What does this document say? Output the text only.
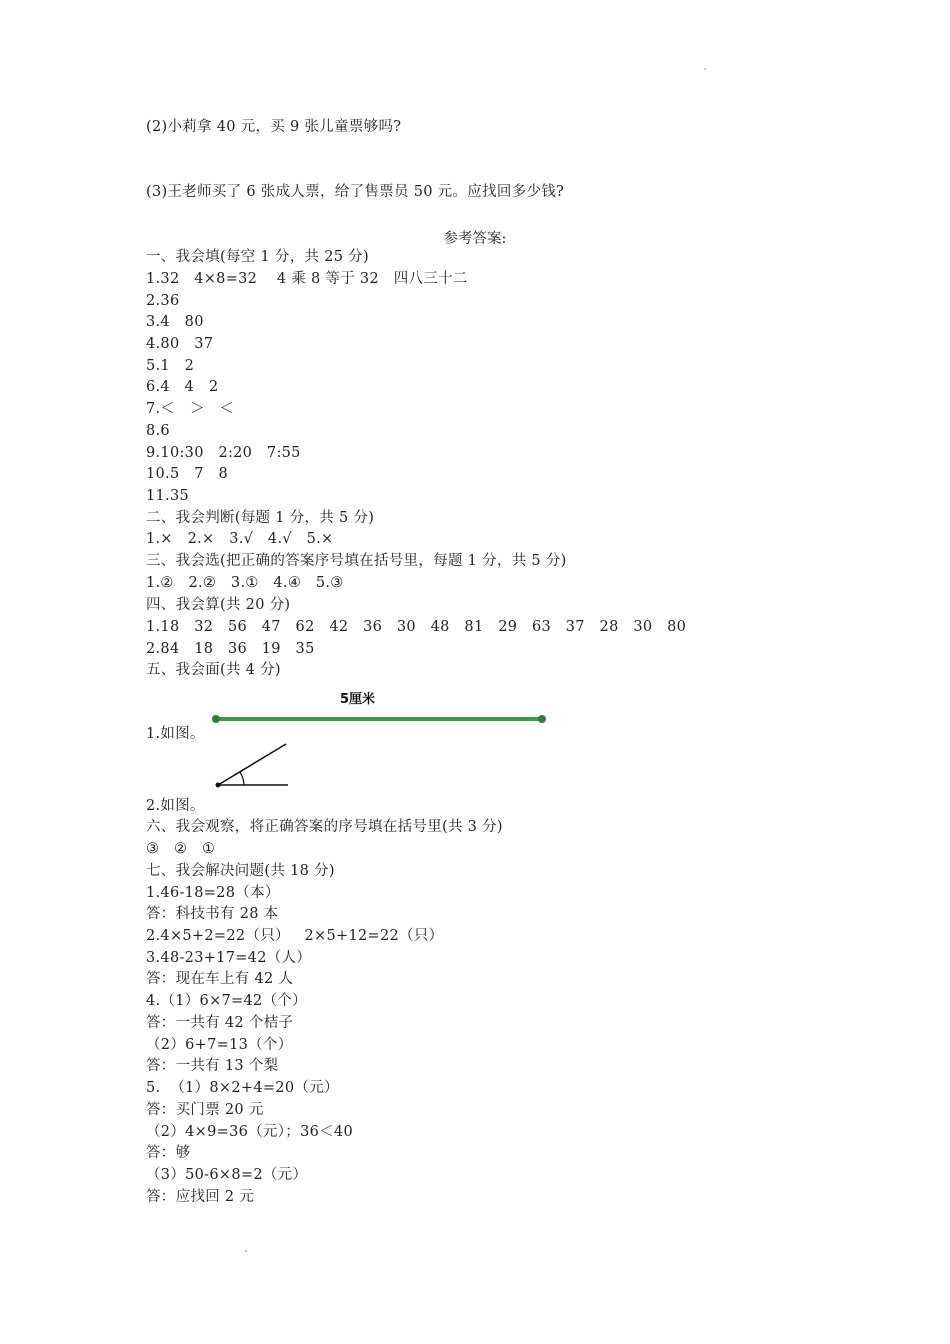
(2)小莉拿 40 元，买 9 张儿童票够吗?
(3)王老师买了 6 张成人票，给了售票员 50 元。应找回多少钱?
参考答案:
一、我会填(每空 1 分，共 25 分)
1.32   4×8=32    4 乘 8 等于 32   四八三十二
2.36
3.4   80
4.80   37
5.1   2
6.4   4   2
7.＜   ＞   ＜
8.6
9.10:30   2:20   7:55
10.5   7   8
11.35
二、我会判断(每题 1 分，共 5 分)
1.×   2.×   3.√   4.√   5.×
三、我会选(把正确的答案序号填在括号里，每题 1 分，共 5 分)
1.②   2.②   3.①   4.④   5.③
四、我会算(共 20 分)
1.18   32   56   47   62   42   36   30   48   81   29   63   37   28   30   80
2.84   18   36   19   35
五、我会面(共 4 分)
5厘米
1.如图。
2.如图。
六、我会观察，将正确答案的序号填在括号里(共 3 分)
③   ②   ①
七、我会解决问题(共 18 分)
1.46-18=28（本）
答：科技书有 28 本
2.4×5+2=22（只）   2×5+12=22（只）
3.48-23+17=42（人）
答：现在车上有 42 人
4.（1）6×7=42（个）
答：一共有 42 个桔子
（2）6+7=13（个）
答：一共有 13 个梨
5.  （1）8×2+4=20（元）
答：买门票 20 元
（2）4×9=36（元）；36＜40
答：够
（3）50-6×8=2（元）
答：应找回 2 元
